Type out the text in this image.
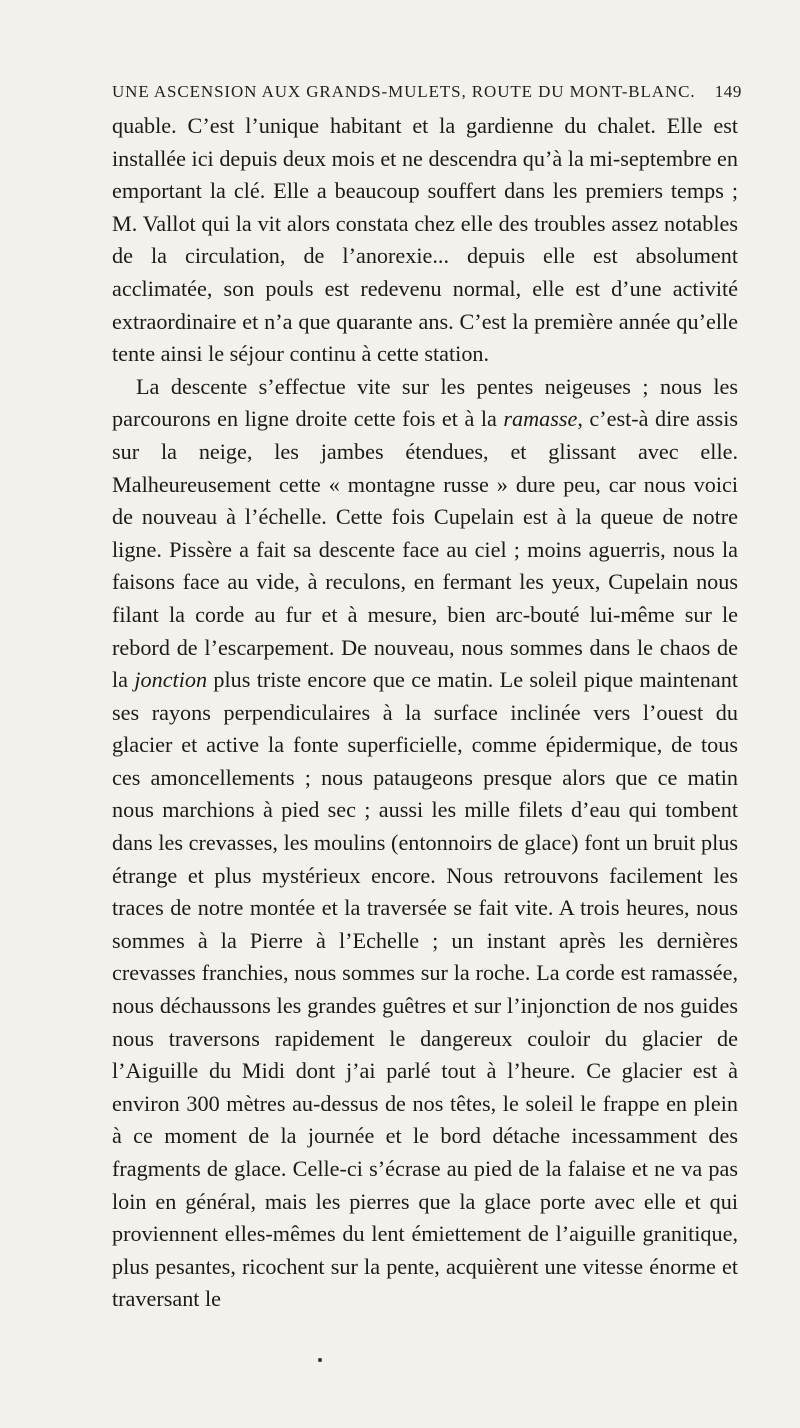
UNE ASCENSION AUX GRANDS-MULETS, ROUTE DU MONT-BLANC. 149

quable. C’est l’unique habitant et la gardienne du chalet. Elle est installée ici depuis deux mois et ne descendra qu’à la mi-septembre en emportant la clé. Elle a beaucoup souffert dans les premiers temps ; M. Vallot qui la vit alors constata chez elle des troubles assez notables de la circulation, de l’anorexie... depuis elle est absolument acclimatée, son pouls est redevenu normal, elle est d’une activité extraordinaire et n’a que quarante ans. C’est la première année qu’elle tente ainsi le séjour continu à cette station.

La descente s’effectue vite sur les pentes neigeuses ; nous les parcourons en ligne droite cette fois et à la ramasse, c’est-à dire assis sur la neige, les jambes étendues, et glissant avec elle. Malheureusement cette « montagne russe » dure peu, car nous voici de nouveau à l’échelle. Cette fois Cupelain est à la queue de notre ligne. Pissère a fait sa descente face au ciel ; moins aguerris, nous la faisons face au vide, à reculons, en fermant les yeux, Cupelain nous filant la corde au fur et à mesure, bien arc-bouté lui-même sur le rebord de l’escarpement. De nouveau, nous sommes dans le chaos de la jonction plus triste encore que ce matin. Le soleil pique maintenant ses rayons perpendiculaires à la surface inclinée vers l’ouest du glacier et active la fonte superficielle, comme épidermique, de tous ces amoncellements ; nous pataugeons presque alors que ce matin nous marchions à pied sec ; aussi les mille filets d’eau qui tombent dans les crevasses, les moulins (entonnoirs de glace) font un bruit plus étrange et plus mystérieux encore. Nous retrouvons facilement les traces de notre montée et la traversée se fait vite. A trois heures, nous sommes à la Pierre à l’Echelle ; un instant après les dernières crevasses franchies, nous sommes sur la roche. La corde est ramassée, nous déchaussons les grandes guêtres et sur l’injonction de nos guides nous traversons rapidement le dangereux couloir du glacier de l’Aiguille du Midi dont j’ai parlé tout à l’heure. Ce glacier est à environ 300 mètres au-dessus de nos têtes, le soleil le frappe en plein à ce moment de la journée et le bord détache incessamment des fragments de glace. Celle-ci s’écrase au pied de la falaise et ne va pas loin en général, mais les pierres que la glace porte avec elle et qui proviennent elles-mêmes du lent émiettement de l’aiguille granitique, plus pesantes, ricochent sur la pente, acquièrent une vitesse énorme et traversant le
